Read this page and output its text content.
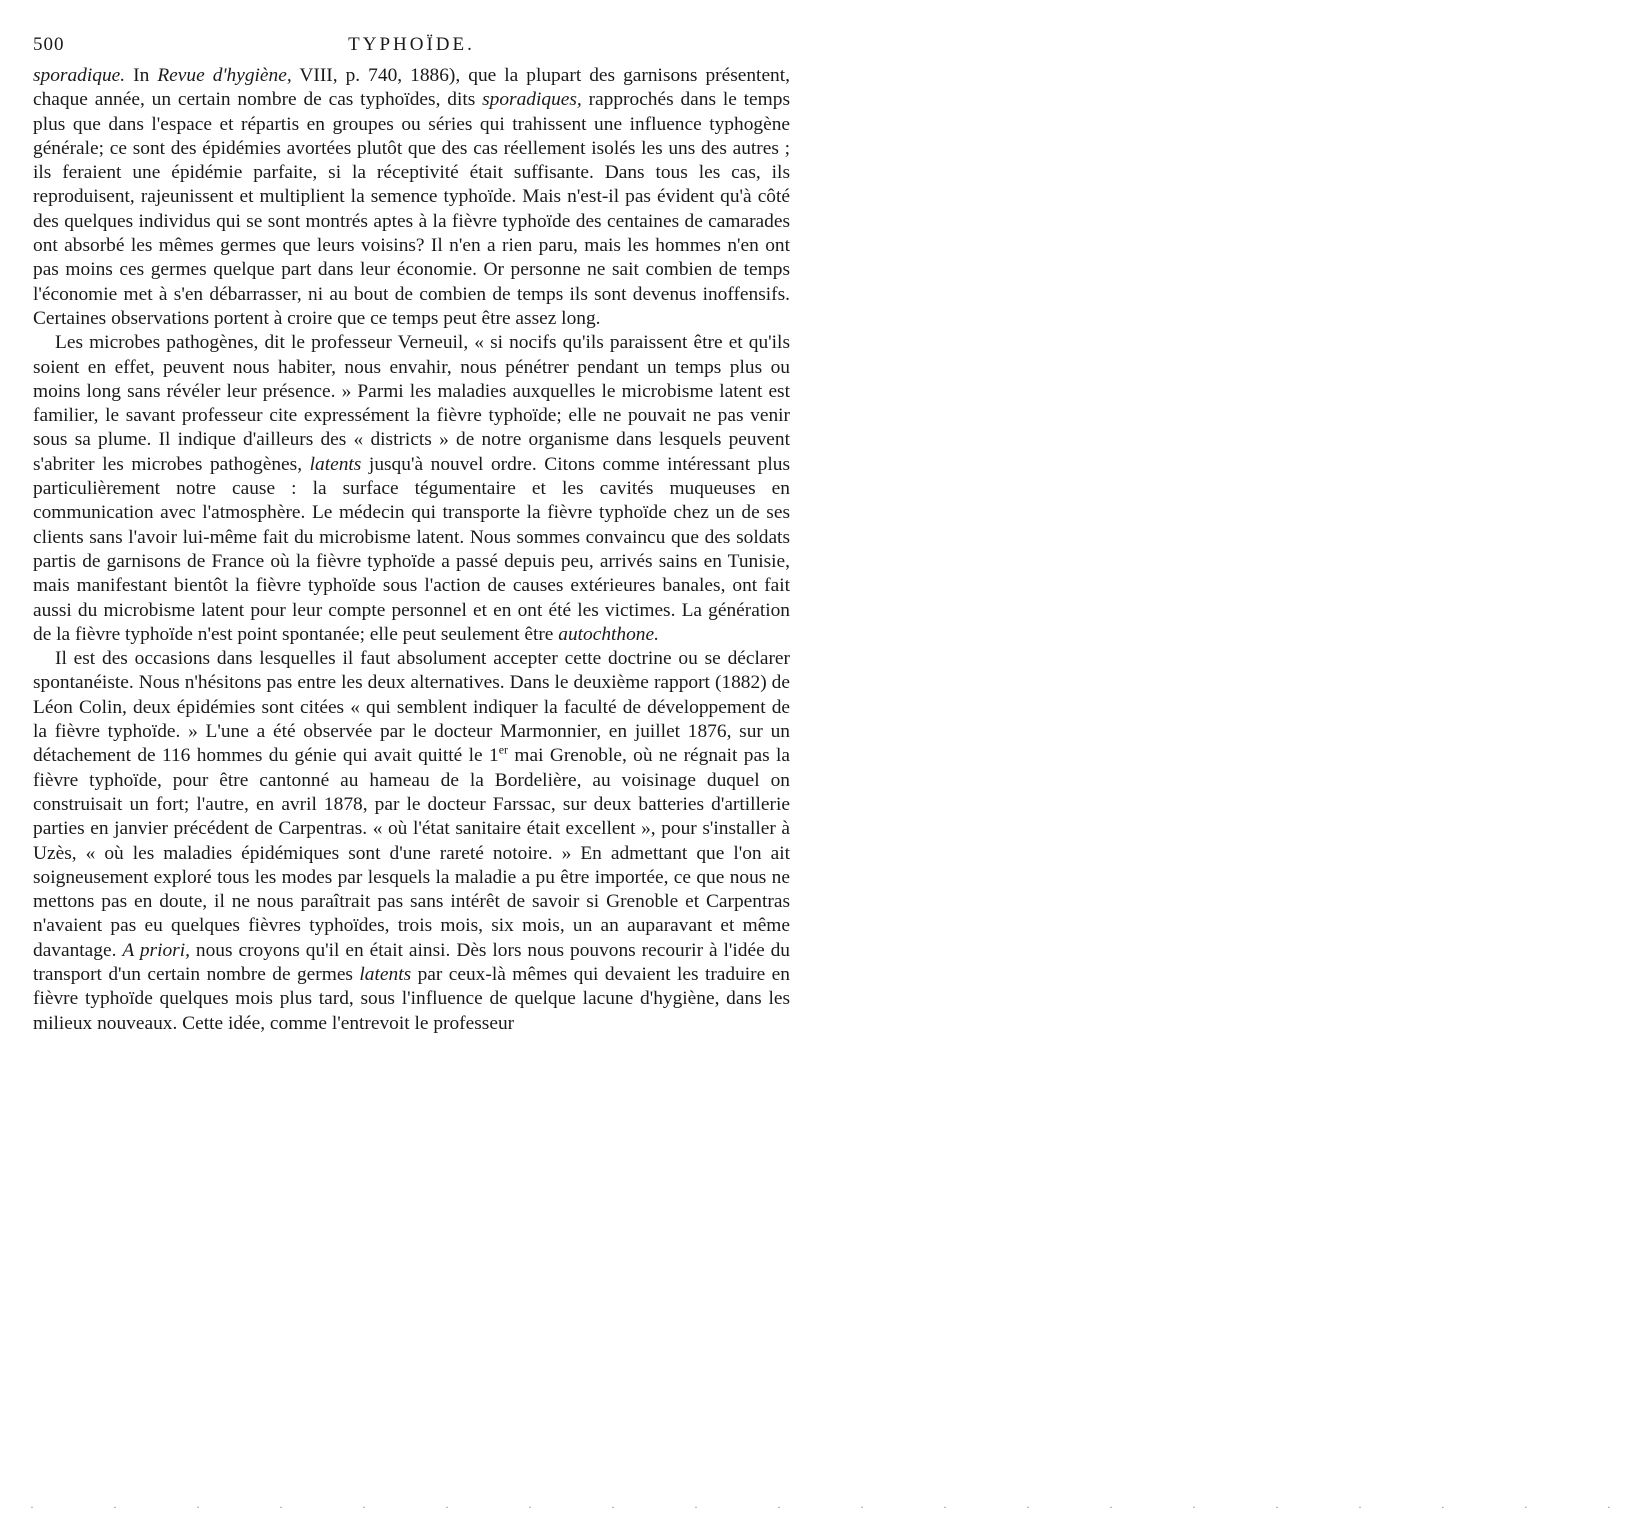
500	TYPHOÏDE.

sporadique. In Revue d'hygiène, VIII, p. 740, 1886), que la plupart des garnisons présentent, chaque année, un certain nombre de cas typhoïdes, dits sporadiques, rapprochés dans le temps plus que dans l'espace et répartis en groupes ou séries qui trahissent une influence typhogène générale; ce sont des épidémies avortées plutôt que des cas réellement isolés les uns des autres ; ils feraient une épidémie parfaite, si la réceptivité était suffisante. Dans tous les cas, ils reproduisent, rajeunissent et multiplient la semence typhoïde. Mais n'est-il pas évident qu'à côté des quelques individus qui se sont montrés aptes à la fièvre typhoïde des centaines de camarades ont absorbé les mêmes germes que leurs voisins? Il n'en a rien paru, mais les hommes n'en ont pas moins ces germes quelque part dans leur économie. Or personne ne sait combien de temps l'économie met à s'en débarrasser, ni au bout de combien de temps ils sont devenus inoffensifs. Certaines observations portent à croire que ce temps peut être assez long.

Les microbes pathogènes, dit le professeur Verneuil, « si nocifs qu'ils paraissent être et qu'ils soient en effet, peuvent nous habiter, nous envahir, nous pénétrer pendant un temps plus ou moins long sans révéler leur présence. » Parmi les maladies auxquelles le microbisme latent est familier, le savant professeur cite expressément la fièvre typhoïde; elle ne pouvait ne pas venir sous sa plume. Il indique d'ailleurs des « districts » de notre organisme dans lesquels peuvent s'abriter les microbes pathogènes, latents jusqu'à nouvel ordre. Citons comme intéressant plus particulièrement notre cause : la surface tégumentaire et les cavités muqueuses en communication avec l'atmosphère. Le médecin qui transporte la fièvre typhoïde chez un de ses clients sans l'avoir lui-même fait du microbisme latent. Nous sommes convaincu que des soldats partis de garnisons de France où la fièvre typhoïde a passé depuis peu, arrivés sains en Tunisie, mais manifestant bientôt la fièvre typhoïde sous l'action de causes extérieures banales, ont fait aussi du microbisme latent pour leur compte personnel et en ont été les victimes. La génération de la fièvre typhoïde n'est point spontanée; elle peut seulement être autochthone.

Il est des occasions dans lesquelles il faut absolument accepter cette doctrine ou se déclarer spontanéiste. Nous n'hésitons pas entre les deux alternatives. Dans le deuxième rapport (1882) de Léon Colin, deux épidémies sont citées « qui semblent indiquer la faculté de développement de la fièvre typhoïde. » L'une a été observée par le docteur Marmonnier, en juillet 1876, sur un détachement de 116 hommes du génie qui avait quitté le 1er mai Grenoble, où ne régnait pas la fièvre typhoïde, pour être cantonné au hameau de la Bordelière, au voisinage duquel on construisait un fort; l'autre, en avril 1878, par le docteur Farssac, sur deux batteries d'artillerie parties en janvier précédent de Carpentras. « où l'état sanitaire était excellent », pour s'installer à Uzès, « où les maladies épidémiques sont d'une rareté notoire. » En admettant que l'on ait soigneusement exploré tous les modes par lesquels la maladie a pu être importée, ce que nous ne mettons pas en doute, il ne nous paraîtrait pas sans intérêt de savoir si Grenoble et Carpentras n'avaient pas eu quelques fièvres typhoïdes, trois mois, six mois, un an auparavant et même davantage. A priori, nous croyons qu'il en était ainsi. Dès lors nous pouvons recourir à l'idée du transport d'un certain nombre de germes latents par ceux-là mêmes qui devaient les traduire en fièvre typhoïde quelques mois plus tard, sous l'influence de quelque lacune d'hygiène, dans les milieux nouveaux. Cette idée, comme l'entrevoit le professeur

· · · · · · · · · · · · · · · · · · · ·
